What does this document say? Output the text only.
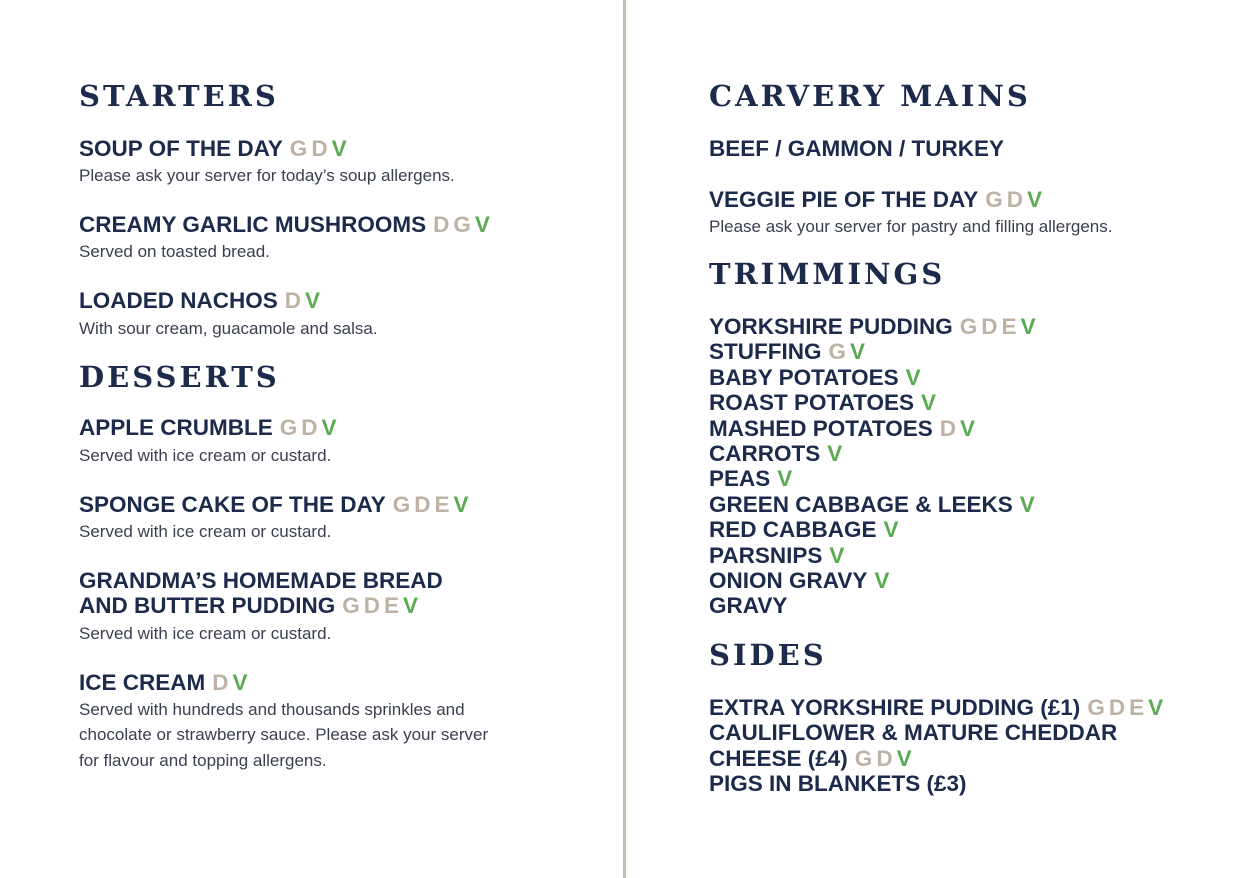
STARTERS
SOUP OF THE DAY G D V
Please ask your server for today’s soup allergens.
CREAMY GARLIC MUSHROOMS D G V
Served on toasted bread.
LOADED NACHOS D V
With sour cream, guacamole and salsa.
DESSERTS
APPLE CRUMBLE G D V
Served with ice cream or custard.
SPONGE CAKE OF THE DAY G D E V
Served with ice cream or custard.
GRANDMA’S HOMEMADE BREAD
AND BUTTER PUDDING G D E V
Served with ice cream or custard.
ICE CREAM D V
Served with hundreds and thousands sprinkles and
chocolate or strawberry sauce. Please ask your server
for flavour and topping allergens.
CARVERY MAINS
BEEF / GAMMON / TURKEY
VEGGIE PIE OF THE DAY G D V
Please ask your server for pastry and filling allergens.
TRIMMINGS
YORKSHIRE PUDDING G D E V
STUFFING G V
BABY POTATOES V
ROAST POTATOES V
MASHED POTATOES D V
CARROTS V
PEAS V
GREEN CABBAGE & LEEKS V
RED CABBAGE V
PARSNIPS V
ONION GRAVY V
GRAVY
SIDES
EXTRA YORKSHIRE PUDDING (£1) G D E V
CAULIFLOWER & MATURE CHEDDAR
CHEESE (£4) G D V
PIGS IN BLANKETS (£3)
